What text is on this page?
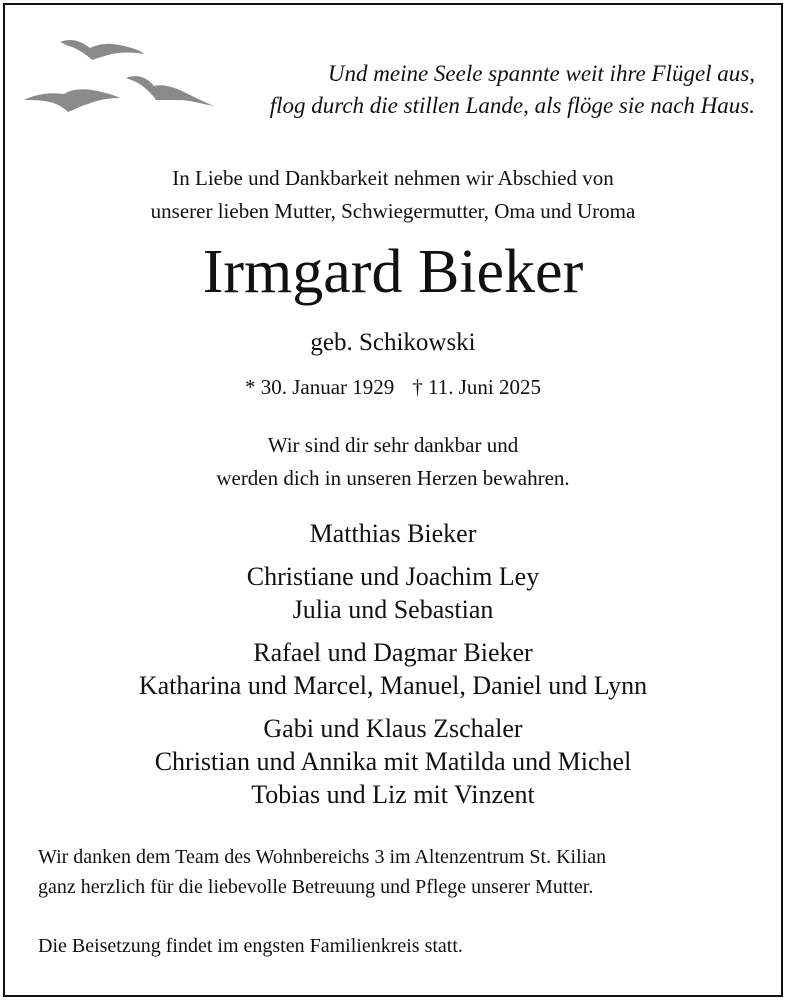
Und meine Seele spannte weit ihre Flügel aus,
flog durch die stillen Lande, als flöge sie nach Haus.
In Liebe und Dankbarkeit nehmen wir Abschied von
unserer lieben Mutter, Schwiegermutter, Oma und Uroma
Irmgard Bieker
geb. Schikowski
* 30. Januar 1929 † 11. Juni 2025
Wir sind dir sehr dankbar und
werden dich in unseren Herzen bewahren.
Matthias Bieker
Christiane und Joachim Ley
Julia und Sebastian
Rafael und Dagmar Bieker
Katharina und Marcel, Manuel, Daniel und Lynn
Gabi und Klaus Zschaler
Christian und Annika mit Matilda und Michel
Tobias und Liz mit Vinzent
Wir danken dem Team des Wohnbereichs 3 im Altenzentrum St. Kilian
ganz herzlich für die liebevolle Betreuung und Pflege unserer Mutter.
Die Beisetzung findet im engsten Familienkreis statt.
